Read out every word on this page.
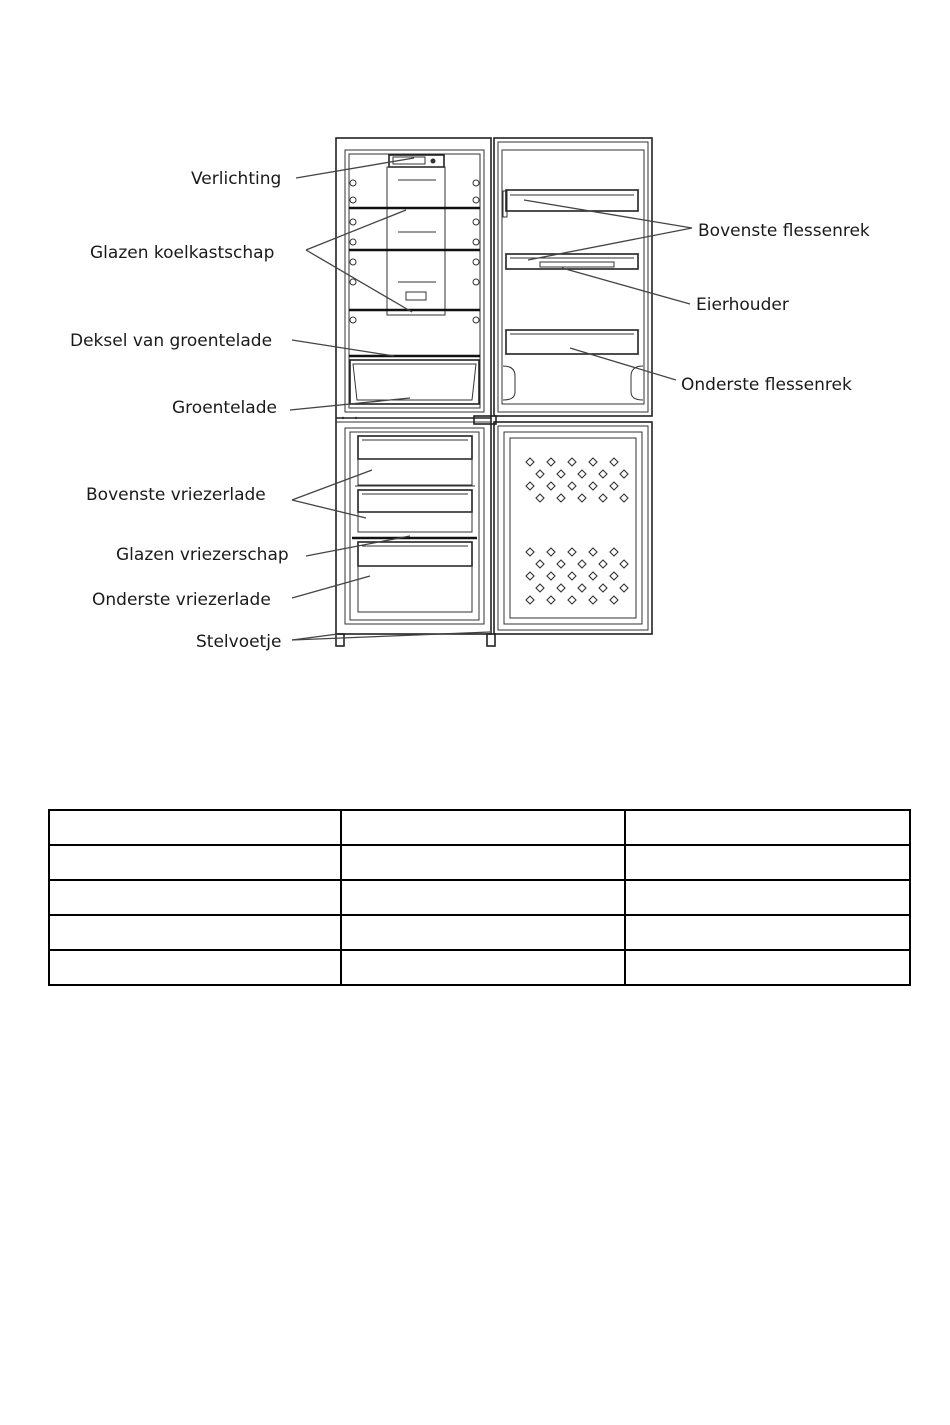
Verlichting
Glazen koelkastschap
Deksel van groentelade
Groentelade
Bovenste vriezerlade
Glazen vriezerschap
Onderste vriezerlade
Stelvoetje
Bovenste flessenrek
Eierhouder
Onderste flessenrek
